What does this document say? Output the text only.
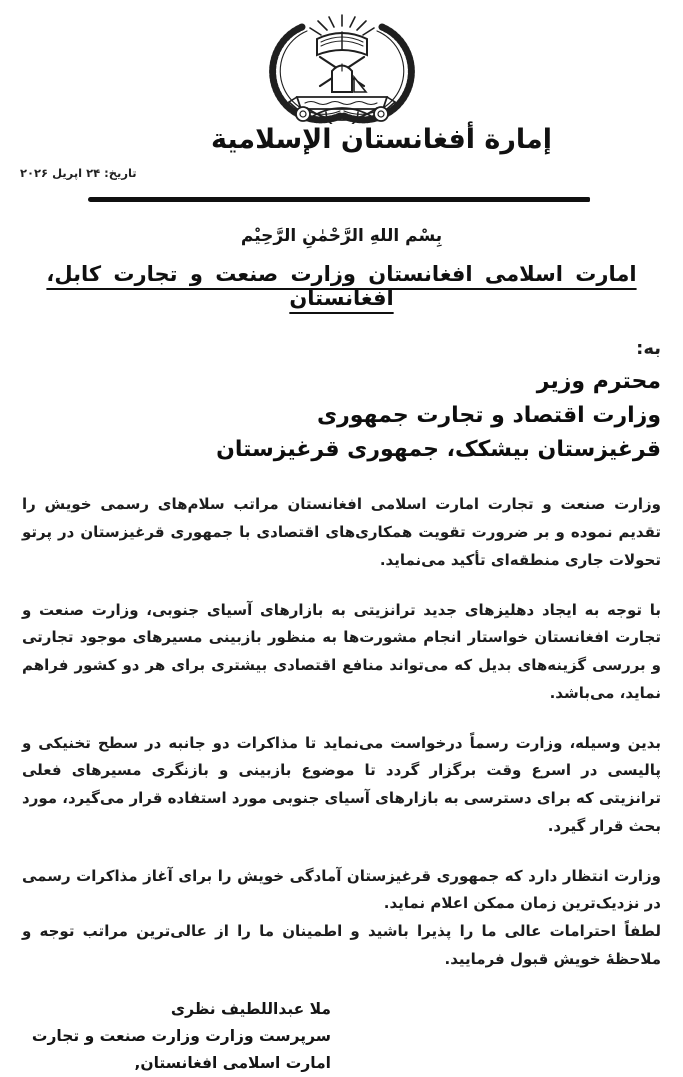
إمارة أفغانستان الإسلامية
تاریخ: ۲۴ اپریل ۲۰۲۶
بِسْم اللهِ الرَّحْمٰنِ الرَّحِیْم
امارت اسلامی افغانستان وزارت صنعت و تجارت کابل، افغانستان
به:
محترم وزیر
وزارت اقتصاد و تجارت جمهوری
قرغیزستان بیشکک، جمهوری قرغیزستان

وزارت صنعت و تجارت امارت اسلامی افغانستان مراتب سلام‌های رسمی خویش را تقدیم نموده و بر ضرورت تقویت همکاری‌های اقتصادی با جمهوری قرغیزستان در پرتو تحولات جاری منطقه‌ای تأکید می‌نماید.

با توجه به ایجاد دهلیزهای جدید ترانزیتی به بازارهای آسیای جنوبی، وزارت صنعت و تجارت افغانستان خواستار انجام مشورت‌ها به منظور بازبینی مسیرهای موجود تجارتی و بررسی گزینه‌های بدیل که می‌تواند منافع اقتصادی بیشتری برای هر دو کشور فراهم نماید، می‌باشد.

بدین وسیله، وزارت رسماً درخواست می‌نماید تا مذاکرات دو جانبه در سطح تخنیکی و پالیسی در اسرع وقت برگزار گردد تا موضوع بازبینی و بازنگری مسیرهای فعلی ترانزیتی که برای دسترسی به بازارهای آسیای جنوبی مورد استفاده قرار می‌گیرد، مورد بحث قرار گیرد.

وزارت انتظار دارد که جمهوری قرغیزستان آمادگی خویش را برای آغاز مذاکرات رسمی در نزدیک‌ترین زمان ممکن اعلام نماید.

لطفاً احترامات عالی ما را پذیرا باشید و اطمینان ما را از عالی‌ترین مراتب توجه و ملاحظهٔ خویش قبول فرمایید.

ملا عبداللطیف نظری
سرپرست وزارت وزارت صنعت و تجارت
امارت اسلامی افغانستان,
